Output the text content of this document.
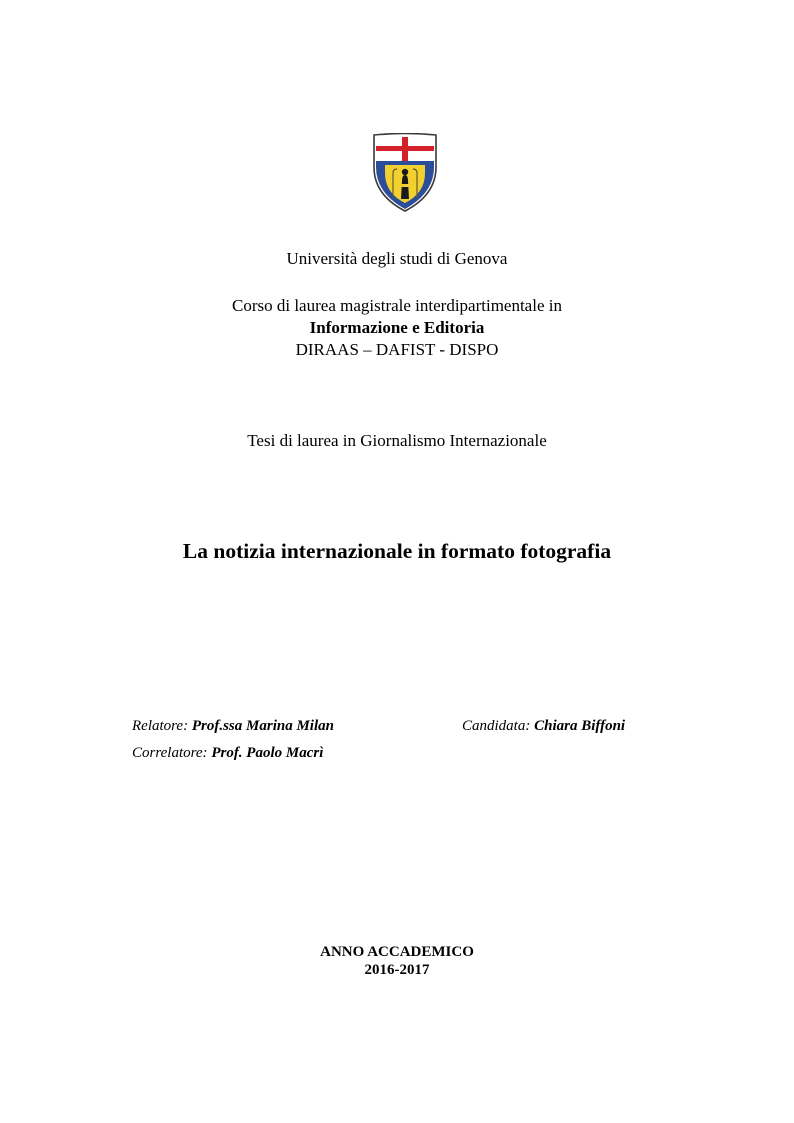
Università degli studi di Genova
Corso di laurea magistrale interdipartimentale in
Informazione e Editoria
DIRAAS – DAFIST - DISPO
Tesi di laurea in Giornalismo Internazionale
La notizia internazionale in formato fotografia
Relatore: Prof.ssa Marina Milan
Correlatore: Prof. Paolo Macrì
Candidata: Chiara Biffoni
ANNO ACCADEMICO
2016-2017
